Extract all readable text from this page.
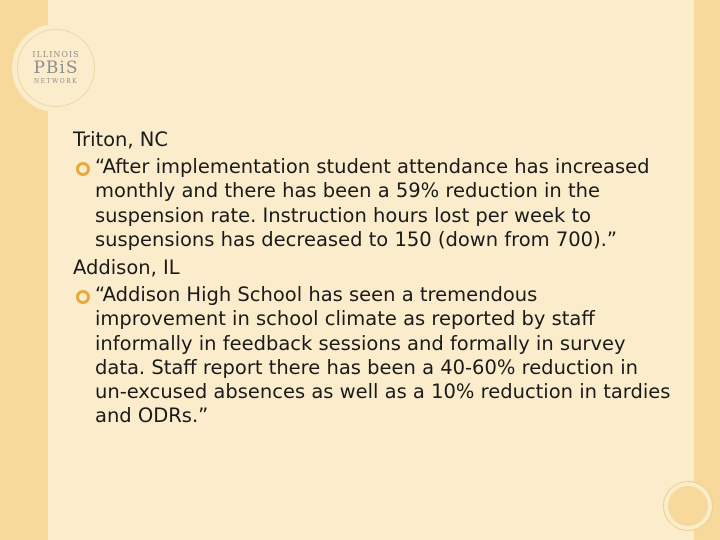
ILLINOIS
PBiS
NETWORK

Triton, NC

“After implementation student attendance has increased monthly and there has been a 59% reduction in the suspension rate. Instruction hours lost per week to suspensions has decreased to 150 (down from 700).”

Addison, IL

“Addison High School has seen a tremendous improvement in school climate as reported by staff informally in feedback sessions and formally in survey data. Staff report there has been a 40-60% reduction in un-excused absences as well as a 10% reduction in tardies and ODRs.”
